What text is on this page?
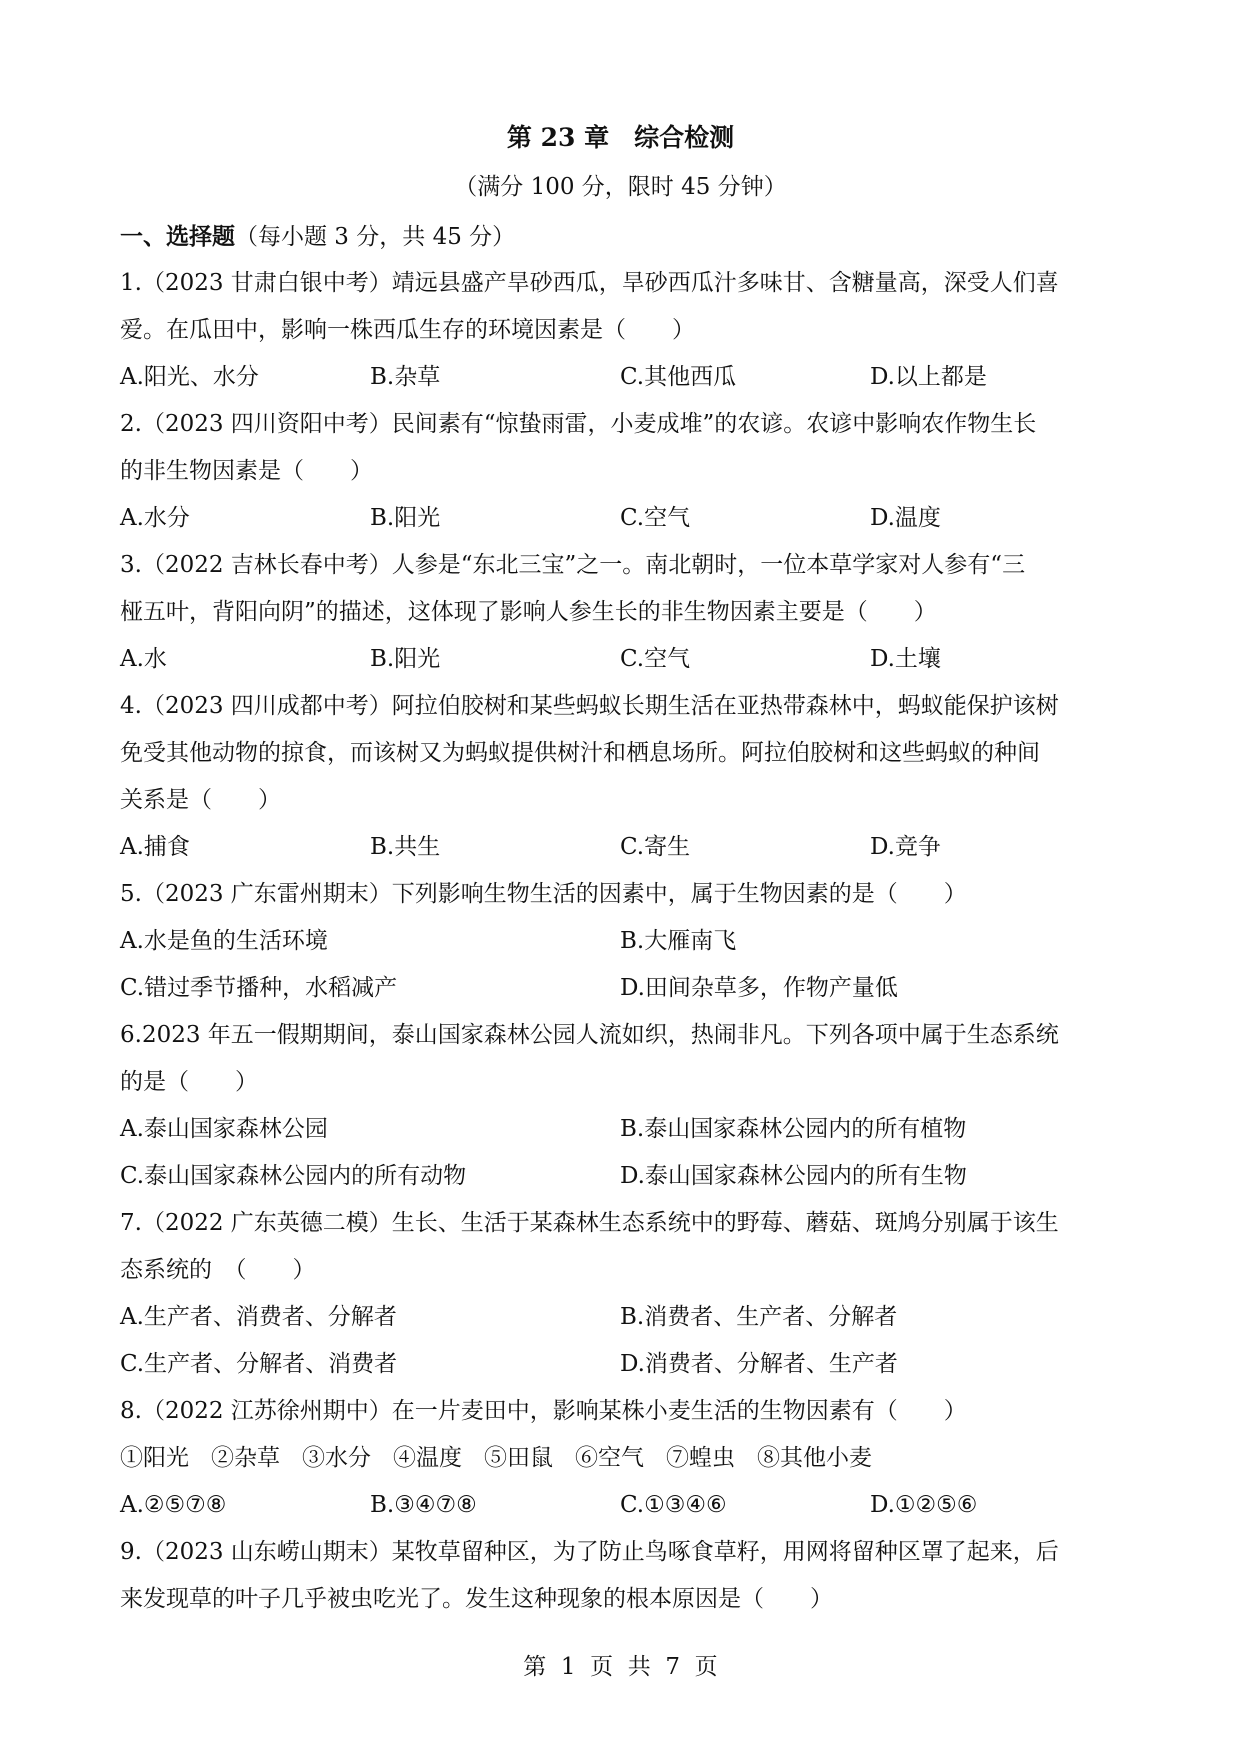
第 23 章　综合检测
（满分 100 分，限时 45 分钟）
一、选择题（每小题 3 分，共 45 分）
1.（2023 甘肃白银中考）靖远县盛产旱砂西瓜，旱砂西瓜汁多味甘、含糖量高，深受人们喜
爱。在瓜田中，影响一株西瓜生存的环境因素是（　　）
A.阳光、水分	B.杂草	C.其他西瓜	D.以上都是
2.（2023 四川资阳中考）民间素有“惊蛰雨雷，小麦成堆”的农谚。农谚中影响农作物生长
的非生物因素是（　　）
A.水分	B.阳光	C.空气	D.温度
3.（2022 吉林长春中考）人参是“东北三宝”之一。南北朝时，一位本草学家对人参有“三
桠五叶，背阳向阴”的描述，这体现了影响人参生长的非生物因素主要是（　　）
A.水	B.阳光	C.空气	D.土壤
4.（2023 四川成都中考）阿拉伯胶树和某些蚂蚁长期生活在亚热带森林中，蚂蚁能保护该树
免受其他动物的掠食，而该树又为蚂蚁提供树汁和栖息场所。阿拉伯胶树和这些蚂蚁的种间
关系是（　　）
A.捕食	B.共生	C.寄生	D.竞争
5.（2023 广东雷州期末）下列影响生物生活的因素中，属于生物因素的是（　　）
A.水是鱼的生活环境	B.大雁南飞
C.错过季节播种，水稻减产	D.田间杂草多，作物产量低
6.2023 年五一假期期间，泰山国家森林公园人流如织，热闹非凡。下列各项中属于生态系统
的是（　　）
A.泰山国家森林公园	B.泰山国家森林公园内的所有植物
C.泰山国家森林公园内的所有动物	D.泰山国家森林公园内的所有生物
7.（2022 广东英德二模）生长、生活于某森林生态系统中的野莓、蘑菇、斑鸠分别属于该生
态系统的　（　　）
A.生产者、消费者、分解者	B.消费者、生产者、分解者
C.生产者、分解者、消费者	D.消费者、分解者、生产者
8.（2022 江苏徐州期中）在一片麦田中，影响某株小麦生活的生物因素有（　　）
①阳光 ②杂草 ③水分 ④温度 ⑤田鼠 ⑥空气 ⑦蝗虫 ⑧其他小麦
A.②⑤⑦⑧	B.③④⑦⑧	C.①③④⑥	D.①②⑤⑥
9.（2023 山东崂山期末）某牧草留种区，为了防止鸟啄食草籽，用网将留种区罩了起来，后
来发现草的叶子几乎被虫吃光了。发生这种现象的根本原因是（　　）
第  1  页  共  7  页
